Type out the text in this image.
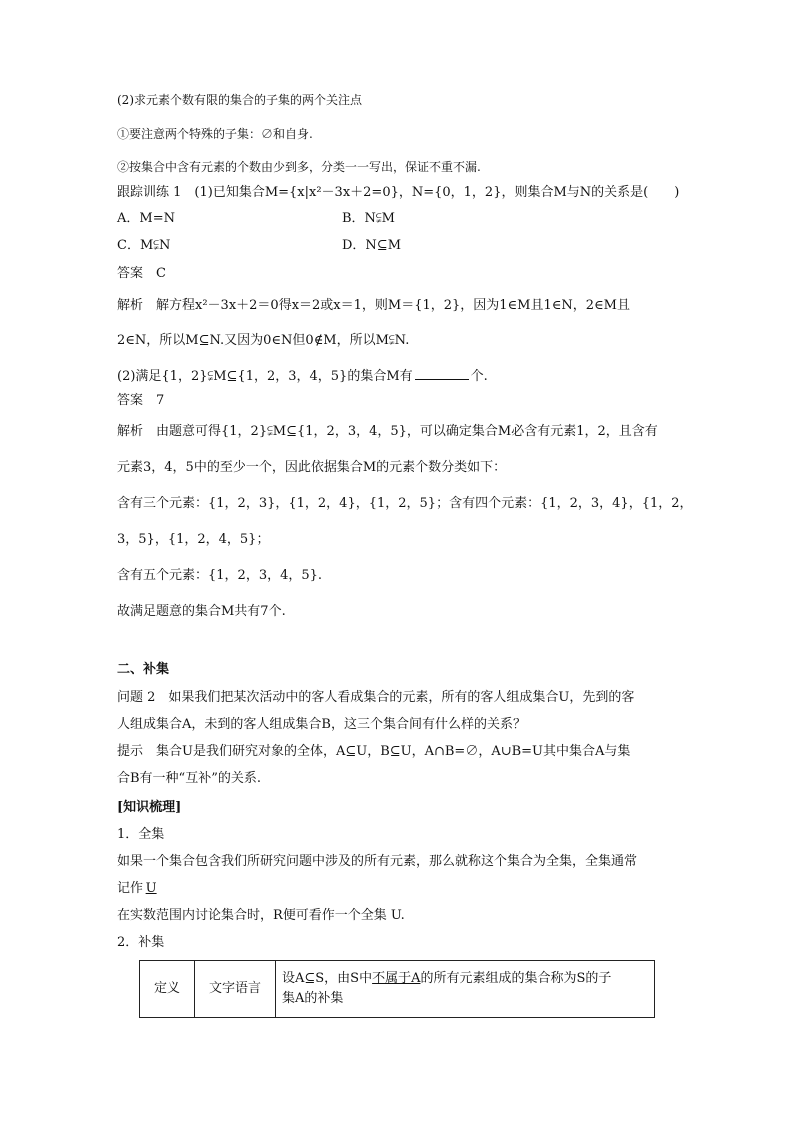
(2)求元素个数有限的集合的子集的两个关注点
①要注意两个特殊的子集：∅和自身.
②按集合中含有元素的个数由少到多，分类一一写出，保证不重不漏.
跟踪训练 1　(1)已知集合M={x|x²－3x＋2=0}，N={0，1，2}，则集合M与N的关系是(　　)
A．M=N	B．N⫋M
C．M⫋N	D．N⊆M
答案　C
解析　解方程x²－3x＋2＝0得x＝2或x＝1，则M＝{1，2}，因为1∈M且1∈N，2∈M且
2∈N，所以M⊆N.又因为0∈N但0∉M，所以M⫋N.
(2)满足{1，2}⫋M⊆{1，2，3，4，5}的集合M有	个.
答案　7
解析　由题意可得{1，2}⫋M⊆{1，2，3，4，5}，可以确定集合M必含有元素1，2，且含有
元素3，4，5中的至少一个，因此依据集合M的元素个数分类如下：
含有三个元素：{1，2，3}，{1，2，4}，{1，2，5}；含有四个元素：{1，2，3，4}，{1，2，
3，5}，{1，2，4，5}；
含有五个元素：{1，2，3，4，5}.
故满足题意的集合M共有7个.
二、补集
问题 2　如果我们把某次活动中的客人看成集合的元素，所有的客人组成集合U，先到的客
人组成集合A，未到的客人组成集合B，这三个集合间有什么样的关系？
提示　集合U是我们研究对象的全体，A⊆U，B⊆U，A∩B=∅，A∪B=U其中集合A与集
合B有一种“互补”的关系.
[知识梳理]
1．全集
如果一个集合包含我们所研究问题中涉及的所有元素，那么就称这个集合为全集，全集通常
记作  U
在实数范围内讨论集合时，R便可看作一个全集 U.
2．补集
定义	文字语言	设A⊆S，由S中不属于A的所有元素组成的集合称为S的子
集A的补集
